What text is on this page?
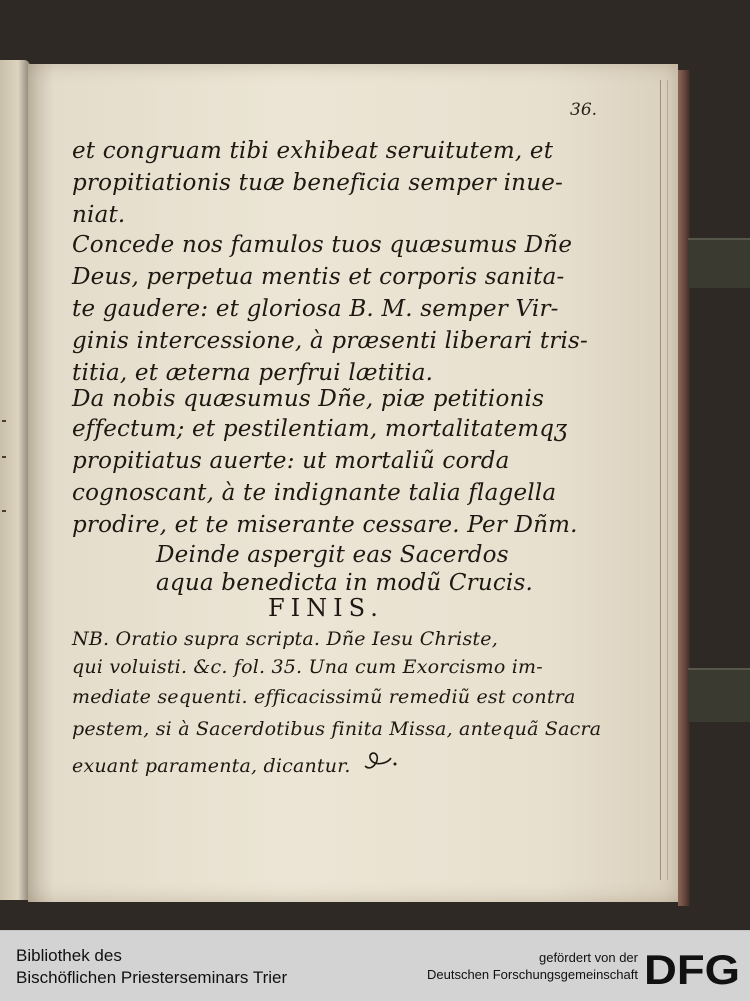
36.
et congruam tibi exhibeat seruitutem, et
propitiationis tuæ beneficia semper inue-
niat.
Concede nos famulos tuos quæsumus Dñe
Deus, perpetua mentis et corporis sanita-
te gaudere: et gloriosa B. M. semper Vir-
ginis intercessione, à præsenti liberari tris-
titia, et æterna perfrui lætitia.
Da nobis quæsumus Dñe, piæ petitionis
effectum; et pestilentiam, mortalitatemqʒ
propitiatus auerte: ut mortaliũ corda
cognoscant, à te indignante talia flagella
prodire, et te miserante cessare. Per Dñm.
Deinde aspergit eas Sacerdos
aqua benedicta in modũ Crucis.
FINIS.
NB. Oratio supra scripta. Dñe Iesu Christe,
qui voluisti. &c. fol. 35. Una cum Exorcismo im-
mediate sequenti. efficacissimũ remediũ est contra
pestem, si à Sacerdotibus finita Missa, antequã Sacra
exuant paramenta, dicantur.
Bibliothek des
Bischöflichen Priesterseminars Trier
gefördert von der
Deutschen Forschungsgemeinschaft DFG
